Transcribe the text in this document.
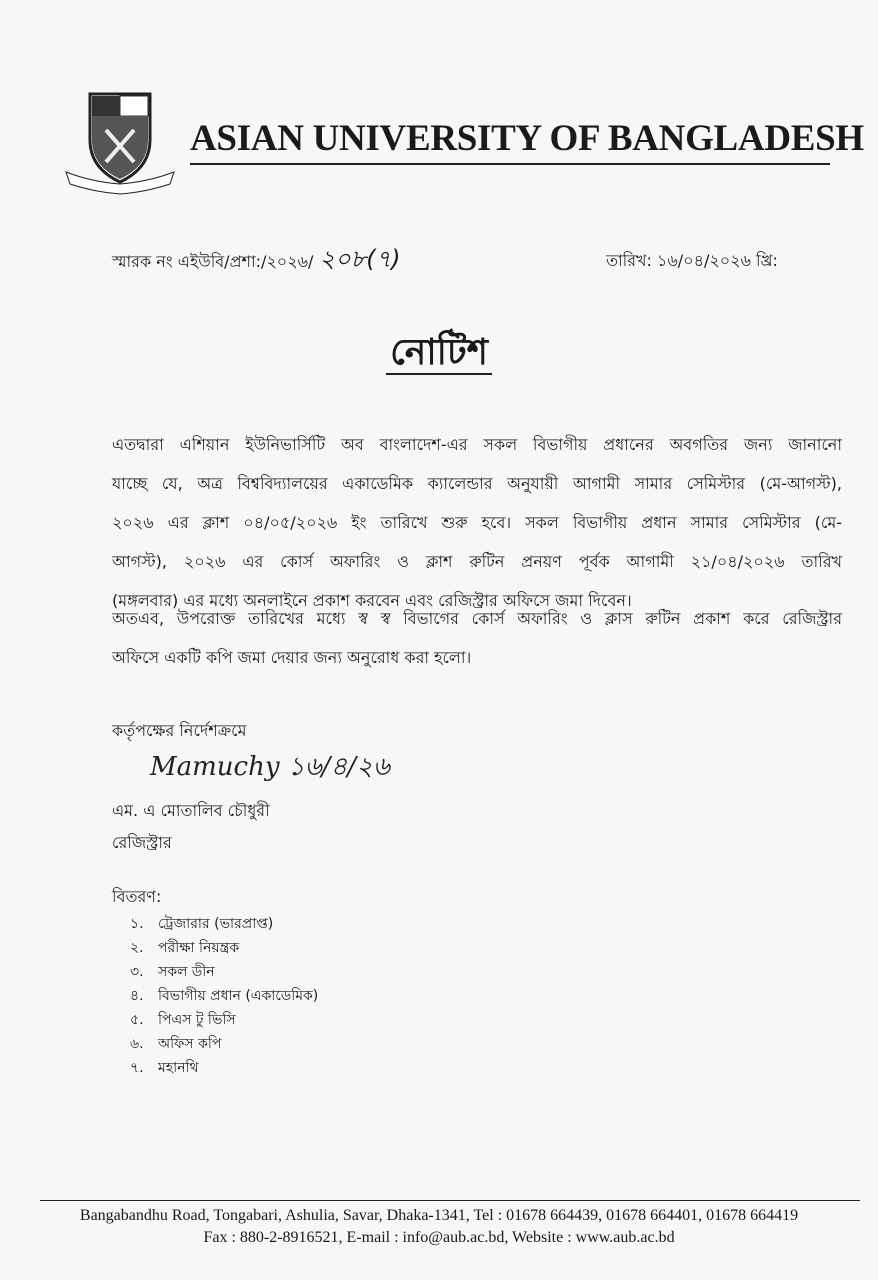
ASIAN UNIVERSITY OF BANGLADESH
স্মারক নং এইউবি/প্রশা:/২০২৬/ ২০৮(৭)	তারিখ: ১৬/০৪/২০২৬ খ্রি:
নোটিশ
এতদ্বারা এশিয়ান ইউনিভার্সিটি অব বাংলাদেশ-এর সকল বিভাগীয় প্রধানের অবগতির জন্য জানানো
যাচ্ছে যে, অত্র বিশ্ববিদ্যালয়ের একাডেমিক ক্যালেন্ডার অনুযায়ী আগামী সামার সেমিস্টার (মে-আগস্ট),
২০২৬ এর ক্লাশ ০৪/০৫/২০২৬ ইং তারিখে শুরু হবে। সকল বিভাগীয় প্রধান সামার সেমিস্টার (মে-
আগস্ট), ২০২৬ এর কোর্স অফারিং ও ক্লাশ রুটিন প্রনয়ণ পূর্বক আগামী ২১/০৪/২০২৬ তারিখ
(মঙ্গলবার) এর মধ্যে অনলাইনে প্রকাশ করবেন এবং রেজিস্ট্রার অফিসে জমা দিবেন।
অতএব, উপরোক্ত তারিখের মধ্যে স্ব স্ব বিভাগের কোর্স অফারিং ও ক্লাস রুটিন প্রকাশ করে রেজিস্ট্রার
অফিসে একটি কপি জমা দেয়ার জন্য অনুরোধ করা হলো।
কর্তৃপক্ষের নির্দেশক্রমে
Mamuchy ১৬/৪/২৬
এম. এ মোতালিব চৌধুরী
রেজিস্ট্রার
বিতরণ:
১. ট্রেজারার (ভারপ্রাপ্ত)
২. পরীক্ষা নিয়ন্ত্রক
৩. সকল ডীন
৪. বিভাগীয় প্রধান (একাডেমিক)
৫. পিএস টু ভিসি
৬. অফিস কপি
৭. মহানথি
Bangabandhu Road, Tongabari, Ashulia, Savar, Dhaka-1341, Tel : 01678 664439, 01678 664401, 01678 664419
Fax : 880-2-8916521, E-mail : info@aub.ac.bd, Website : www.aub.ac.bd
